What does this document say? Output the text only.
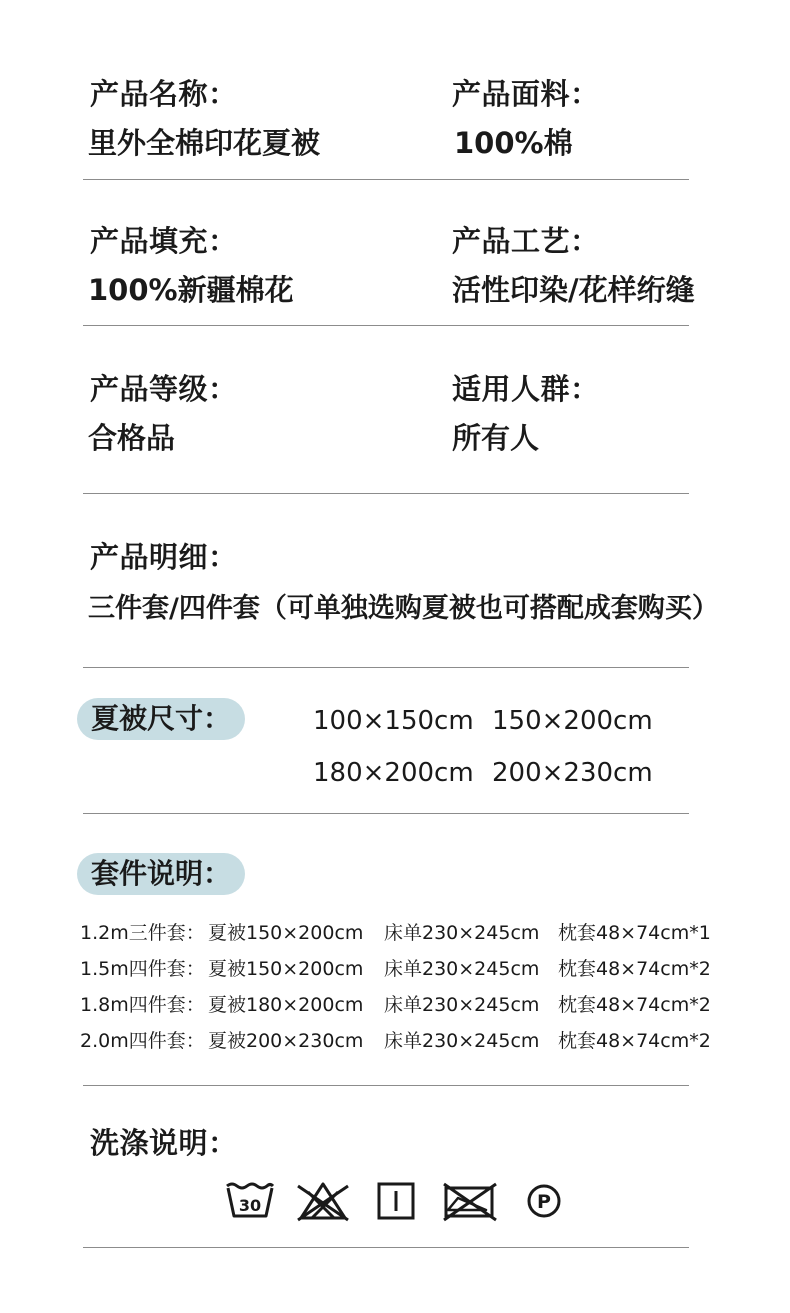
产品名称：
里外全棉印花夏被
产品面料：
100%棉
产品填充：
100%新疆棉花
产品工艺：
活性印染/花样绗缝
产品等级：
合格品
适用人群：
所有人
产品明细：
三件套/四件套（可单独选购夏被也可搭配成套购买）
夏被尺寸：	100×150cm 150×200cm
180×200cm 200×230cm
套件说明：
1.2m三件套： 夏被150×200cm 床单230×245cm 枕套48×74cm*1
1.5m四件套： 夏被150×200cm 床单230×245cm 枕套48×74cm*2
1.8m四件套： 夏被180×200cm 床单230×245cm 枕套48×74cm*2
2.0m四件套： 夏被200×230cm 床单230×245cm 枕套48×74cm*2
洗涤说明：
30	P
